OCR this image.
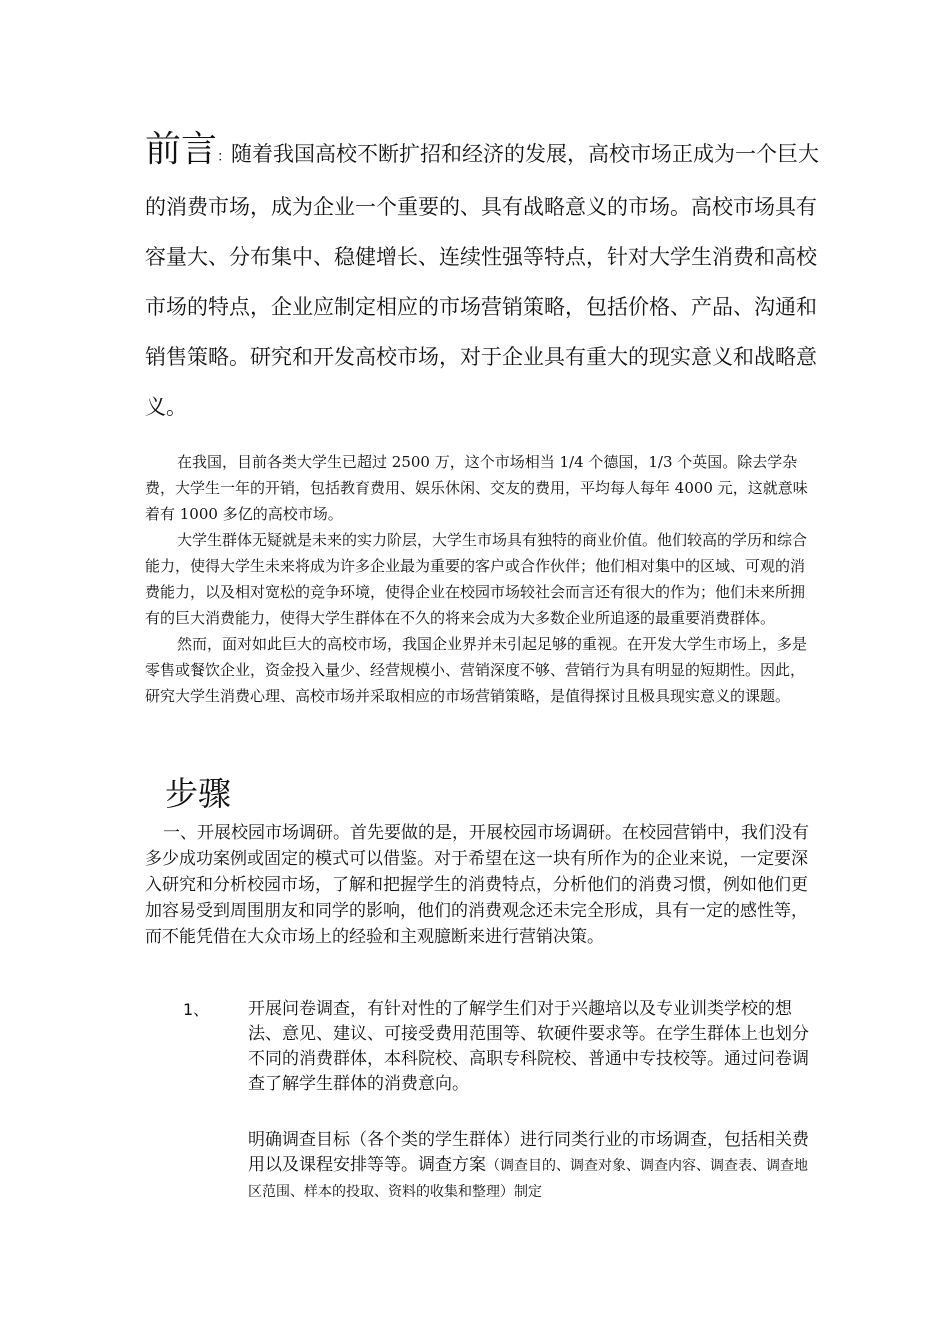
前言：随着我国高校不断扩招和经济的发展，高校市场正成为一个巨大的消费市场，成为企业一个重要的、具有战略意义的市场。高校市场具有容量大、分布集中、稳健增长、连续性强等特点，针对大学生消费和高校市场的特点，企业应制定相应的市场营销策略，包括价格、产品、沟通和销售策略。研究和开发高校市场，对于企业具有重大的现实意义和战略意义。

在我国，目前各类大学生已超过 2500 万，这个市场相当 1/4 个德国，1/3 个英国。除去学杂费，大学生一年的开销，包括教育费用、娱乐休闲、交友的费用，平均每人每年 4000 元，这就意味着有 1000 多亿的高校市场。

大学生群体无疑就是未来的实力阶层，大学生市场具有独特的商业价值。他们较高的学历和综合能力，使得大学生未来将成为许多企业最为重要的客户或合作伙伴；他们相对集中的区域、可观的消费能力，以及相对宽松的竞争环境，使得企业在校园市场较社会而言还有很大的作为；他们未来所拥有的巨大消费能力，使得大学生群体在不久的将来会成为大多数企业所追逐的最重要消费群体。

然而，面对如此巨大的高校市场，我国企业界并未引起足够的重视。在开发大学生市场上，多是零售或餐饮企业，资金投入量少、经营规模小、营销深度不够、营销行为具有明显的短期性。因此，研究大学生消费心理、高校市场并采取相应的市场营销策略，是值得探讨且极具现实意义的课题。

步骤

一、开展校园市场调研。首先要做的是，开展校园市场调研。在校园营销中，我们没有多少成功案例或固定的模式可以借鉴。对于希望在这一块有所作为的企业来说，一定要深入研究和分析校园市场，了解和把握学生的消费特点，分析他们的消费习惯，例如他们更加容易受到周围朋友和同学的影响，他们的消费观念还未完全形成，具有一定的感性等，而不能凭借在大众市场上的经验和主观臆断来进行营销决策。

1、 开展问卷调查，有针对性的了解学生们对于兴趣培以及专业训类学校的想法、意见、建议、可接受费用范围等、软硬件要求等。在学生群体上也划分不同的消费群体，本科院校、高职专科院校、普通中专技校等。通过问卷调查了解学生群体的消费意向。

明确调查目标（各个类的学生群体）进行同类行业的市场调查，包括相关费用以及课程安排等等。调查方案（调查目的、调查对象、调查内容、调查表、调查地区范围、样本的投取、资料的收集和整理）制定
